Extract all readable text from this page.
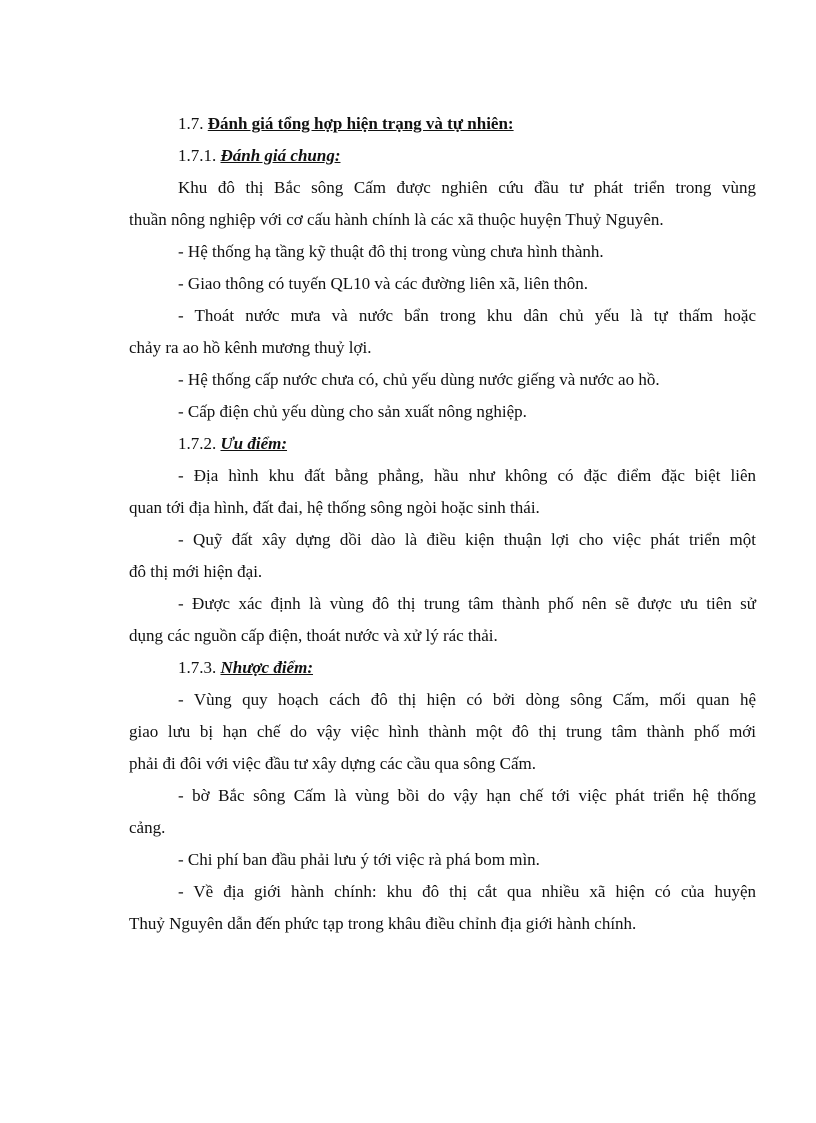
1.7. Đánh giá tổng hợp hiện trạng và tự nhiên:
1.7.1. Đánh giá chung:
Khu đô thị Bắc sông Cấm được nghiên cứu đầu tư phát triển trong vùng
thuần nông nghiệp với cơ cấu hành chính là các xã thuộc huyện Thuỷ Nguyên.
- Hệ thống hạ tầng kỹ thuật đô thị trong vùng chưa hình thành.
- Giao thông có tuyến QL10 và các đường liên xã, liên thôn.
- Thoát nước mưa và nước bẩn trong khu dân chủ yếu là tự thấm hoặc
chảy ra ao hồ kênh mương thuỷ lợi.
- Hệ thống cấp nước chưa có, chủ yếu dùng nước giếng và nước ao hồ.
- Cấp điện chủ yếu dùng cho sản xuất nông nghiệp.
1.7.2. Ưu điểm:
- Địa hình khu đất bằng phẳng, hầu như không có đặc điểm đặc biệt liên
quan tới địa hình, đất đai, hệ thống sông ngòi hoặc sinh thái.
- Quỹ đất xây dựng dồi dào là điều kiện thuận lợi cho việc phát triển một
đô thị mới hiện đại.
- Được xác định là vùng đô thị trung tâm thành phố nên sẽ được ưu tiên sử
dụng các nguồn cấp điện, thoát nước và xử lý rác thải.
1.7.3. Nhược điểm:
- Vùng quy hoạch cách đô thị hiện có bởi dòng sông Cấm, mối quan hệ
giao lưu bị hạn chế do vậy việc hình thành một đô thị trung tâm thành phố mới
phải đi đôi với việc đầu tư xây dựng các cầu qua sông Cấm.
- bờ Bắc sông Cấm là vùng bồi do vậy hạn chế tới việc phát triển hệ thống
cảng.
- Chi phí ban đầu phải lưu ý tới việc rà phá bom mìn.
- Về địa giới hành chính: khu đô thị cắt qua nhiều xã hiện có của huyện
Thuỷ Nguyên dẫn đến phức tạp trong khâu điều chỉnh địa giới hành chính.
